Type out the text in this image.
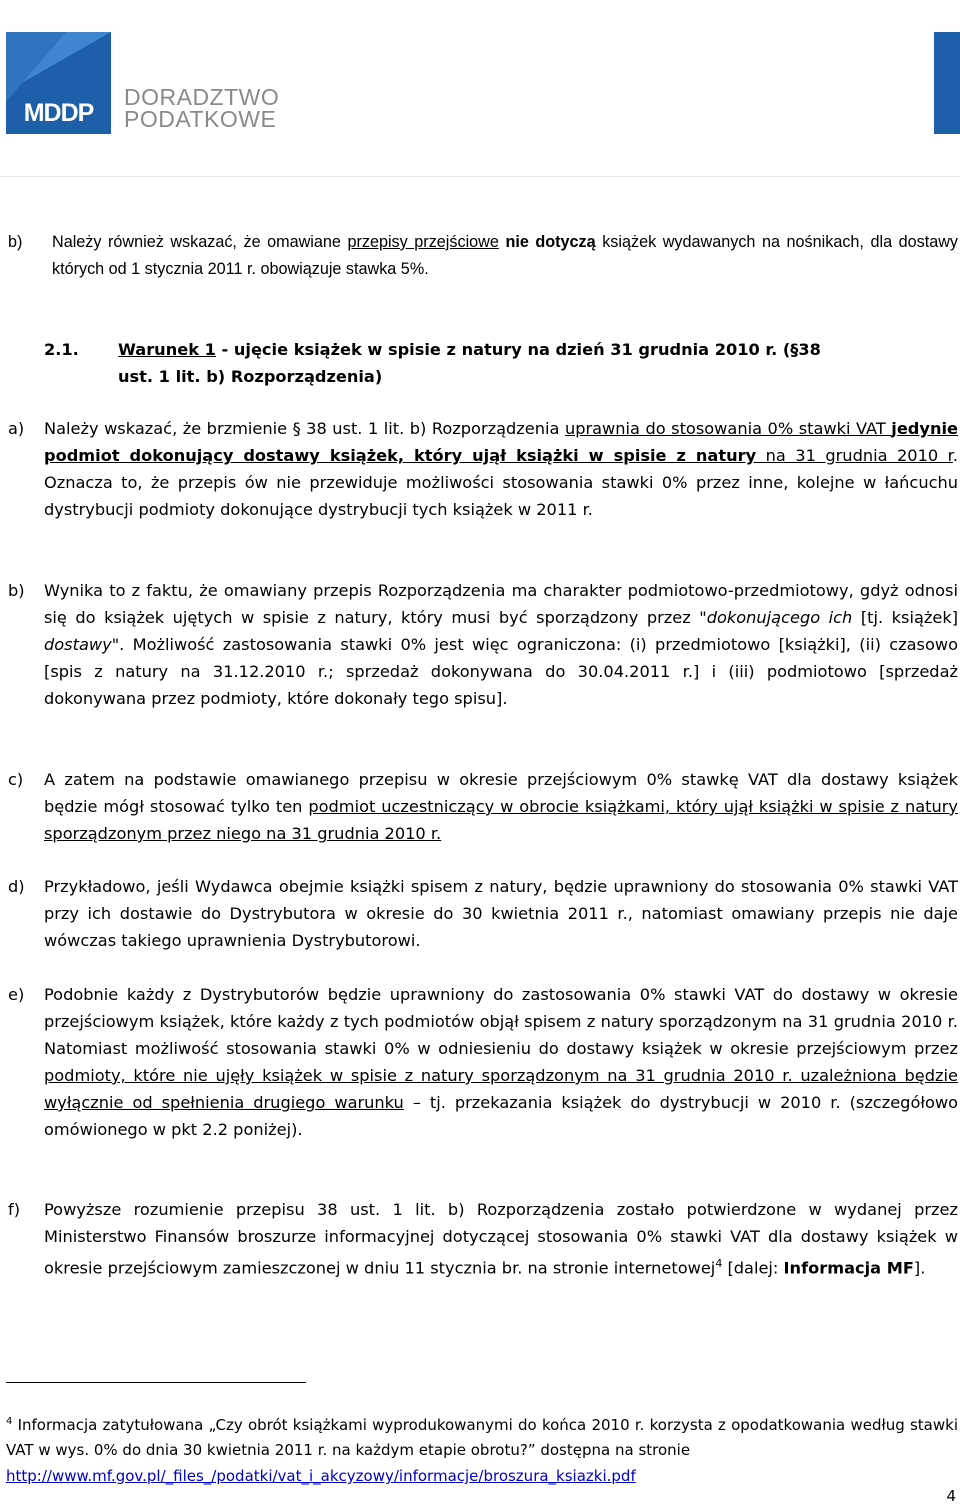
MDDP
DORADZTWO
PODATKOWE
b) Należy również wskazać, że omawiane przepisy przejściowe nie dotyczą książek wydawanych na nośnikach, dla dostawy których od 1 stycznia 2011 r. obowiązuje stawka 5%.
2.1. Warunek 1 - ujęcie książek w spisie z natury na dzień 31 grudnia 2010 r. (§38
ust. 1 lit. b) Rozporządzenia)
a) Należy wskazać, że brzmienie § 38 ust. 1 lit. b) Rozporządzenia uprawnia do stosowania 0% stawki VAT jedynie podmiot dokonujący dostawy książek, który ujął książki w spisie z natury na 31 grudnia 2010 r. Oznacza to, że przepis ów nie przewiduje możliwości stosowania stawki 0% przez inne, kolejne w łańcuchu dystrybucji podmioty dokonujące dystrybucji tych książek w 2011 r.
b) Wynika to z faktu, że omawiany przepis Rozporządzenia ma charakter podmiotowo-przedmiotowy, gdyż odnosi się do książek ujętych w spisie z natury, który musi być sporządzony przez "dokonującego ich [tj. książek] dostawy". Możliwość zastosowania stawki 0% jest więc ograniczona: (i) przedmiotowo [książki], (ii) czasowo [spis z natury na 31.12.2010 r.; sprzedaż dokonywana do 30.04.2011 r.] i (iii) podmiotowo [sprzedaż dokonywana przez podmioty, które dokonały tego spisu].
c) A zatem na podstawie omawianego przepisu w okresie przejściowym 0% stawkę VAT dla dostawy książek będzie mógł stosować tylko ten podmiot uczestniczący w obrocie książkami, który ujął książki w spisie z natury sporządzonym przez niego na 31 grudnia 2010 r.
d) Przykładowo, jeśli Wydawca obejmie książki spisem z natury, będzie uprawniony do stosowania 0% stawki VAT przy ich dostawie do Dystrybutora w okresie do 30 kwietnia 2011 r., natomiast omawiany przepis nie daje wówczas takiego uprawnienia Dystrybutorowi.
e) Podobnie każdy z Dystrybutorów będzie uprawniony do zastosowania 0% stawki VAT do dostawy w okresie przejściowym książek, które każdy z tych podmiotów objął spisem z natury sporządzonym na 31 grudnia 2010 r. Natomiast możliwość stosowania stawki 0% w odniesieniu do dostawy książek w okresie przejściowym przez podmioty, które nie ujęły książek w spisie z natury sporządzonym na 31 grudnia 2010 r. uzależniona będzie wyłącznie od spełnienia drugiego warunku – tj. przekazania książek do dystrybucji w 2010 r. (szczegółowo omówionego w pkt 2.2 poniżej).
f) Powyższe rozumienie przepisu 38 ust. 1 lit. b) Rozporządzenia zostało potwierdzone w wydanej przez Ministerstwo Finansów broszurze informacyjnej dotyczącej stosowania 0% stawki VAT dla dostawy książek w okresie przejściowym zamieszczonej w dniu 11 stycznia br. na stronie internetowej$^4$ [dalej: Informacja MF].
$^4$ Informacja zatytułowana „Czy obrót książkami wyprodukowanymi do końca 2010 r. korzysta z opodatkowania według stawki VAT w wys. 0% do dnia 30 kwietnia 2011 r. na każdym etapie obrotu?” dostępna na stronie
http://www.mf.gov.pl/_files_/podatki/vat_i_akcyzowy/informacje/broszura_ksiazki.pdf
4
